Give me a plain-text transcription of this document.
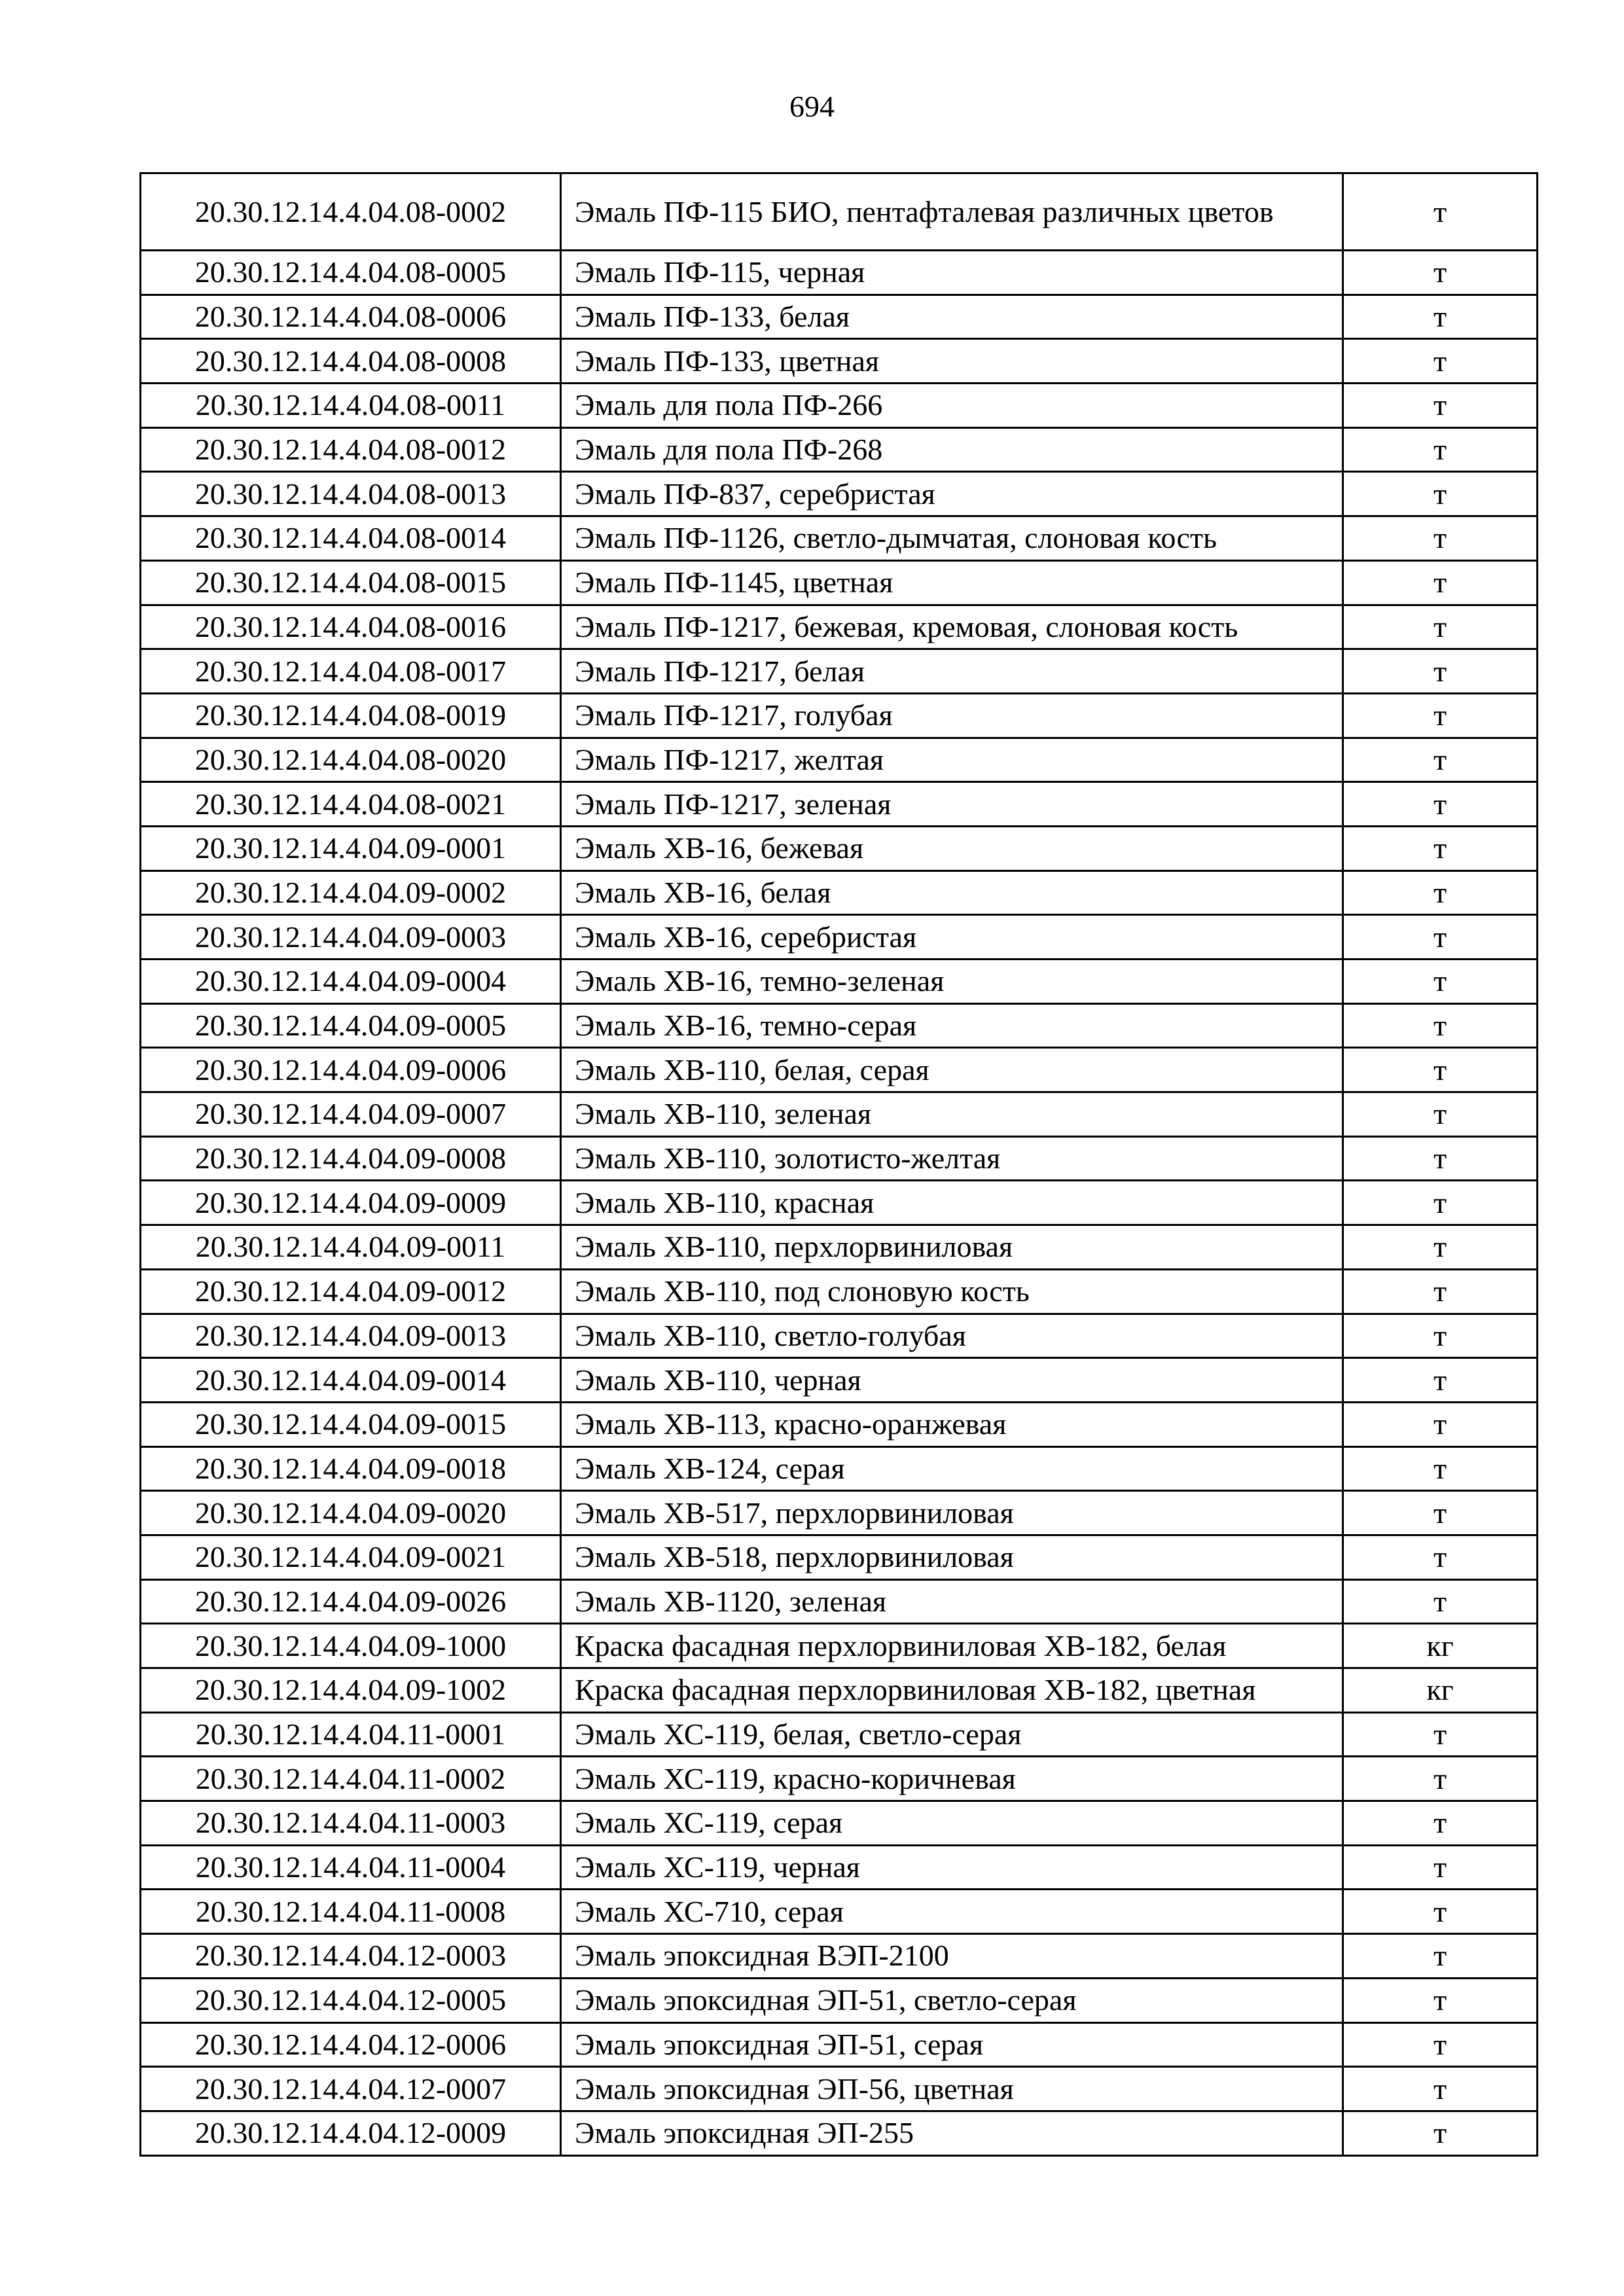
694
20.30.12.14.4.04.08-0002	Эмаль ПФ-115 БИО, пентафталевая различных цветов	т
20.30.12.14.4.04.08-0005	Эмаль ПФ-115, черная	т
20.30.12.14.4.04.08-0006	Эмаль ПФ-133, белая	т
20.30.12.14.4.04.08-0008	Эмаль ПФ-133, цветная	т
20.30.12.14.4.04.08-0011	Эмаль для пола ПФ-266	т
20.30.12.14.4.04.08-0012	Эмаль для пола ПФ-268	т
20.30.12.14.4.04.08-0013	Эмаль ПФ-837, серебристая	т
20.30.12.14.4.04.08-0014	Эмаль ПФ-1126, светло-дымчатая, слоновая кость	т
20.30.12.14.4.04.08-0015	Эмаль ПФ-1145, цветная	т
20.30.12.14.4.04.08-0016	Эмаль ПФ-1217, бежевая, кремовая, слоновая кость	т
20.30.12.14.4.04.08-0017	Эмаль ПФ-1217, белая	т
20.30.12.14.4.04.08-0019	Эмаль ПФ-1217, голубая	т
20.30.12.14.4.04.08-0020	Эмаль ПФ-1217, желтая	т
20.30.12.14.4.04.08-0021	Эмаль ПФ-1217, зеленая	т
20.30.12.14.4.04.09-0001	Эмаль ХВ-16, бежевая	т
20.30.12.14.4.04.09-0002	Эмаль ХВ-16, белая	т
20.30.12.14.4.04.09-0003	Эмаль ХВ-16, серебристая	т
20.30.12.14.4.04.09-0004	Эмаль ХВ-16, темно-зеленая	т
20.30.12.14.4.04.09-0005	Эмаль ХВ-16, темно-серая	т
20.30.12.14.4.04.09-0006	Эмаль ХВ-110, белая, серая	т
20.30.12.14.4.04.09-0007	Эмаль ХВ-110, зеленая	т
20.30.12.14.4.04.09-0008	Эмаль ХВ-110, золотисто-желтая	т
20.30.12.14.4.04.09-0009	Эмаль ХВ-110, красная	т
20.30.12.14.4.04.09-0011	Эмаль ХВ-110, перхлорвиниловая	т
20.30.12.14.4.04.09-0012	Эмаль ХВ-110, под слоновую кость	т
20.30.12.14.4.04.09-0013	Эмаль ХВ-110, светло-голубая	т
20.30.12.14.4.04.09-0014	Эмаль ХВ-110, черная	т
20.30.12.14.4.04.09-0015	Эмаль ХВ-113, красно-оранжевая	т
20.30.12.14.4.04.09-0018	Эмаль ХВ-124, серая	т
20.30.12.14.4.04.09-0020	Эмаль ХВ-517, перхлорвиниловая	т
20.30.12.14.4.04.09-0021	Эмаль ХВ-518, перхлорвиниловая	т
20.30.12.14.4.04.09-0026	Эмаль ХВ-1120, зеленая	т
20.30.12.14.4.04.09-1000	Краска фасадная перхлорвиниловая ХВ-182, белая	кг
20.30.12.14.4.04.09-1002	Краска фасадная перхлорвиниловая ХВ-182, цветная	кг
20.30.12.14.4.04.11-0001	Эмаль ХС-119, белая, светло-серая	т
20.30.12.14.4.04.11-0002	Эмаль ХС-119, красно-коричневая	т
20.30.12.14.4.04.11-0003	Эмаль ХС-119, серая	т
20.30.12.14.4.04.11-0004	Эмаль ХС-119, черная	т
20.30.12.14.4.04.11-0008	Эмаль ХС-710, серая	т
20.30.12.14.4.04.12-0003	Эмаль эпоксидная ВЭП-2100	т
20.30.12.14.4.04.12-0005	Эмаль эпоксидная ЭП-51, светло-серая	т
20.30.12.14.4.04.12-0006	Эмаль эпоксидная ЭП-51, серая	т
20.30.12.14.4.04.12-0007	Эмаль эпоксидная ЭП-56, цветная	т
20.30.12.14.4.04.12-0009	Эмаль эпоксидная ЭП-255	т
